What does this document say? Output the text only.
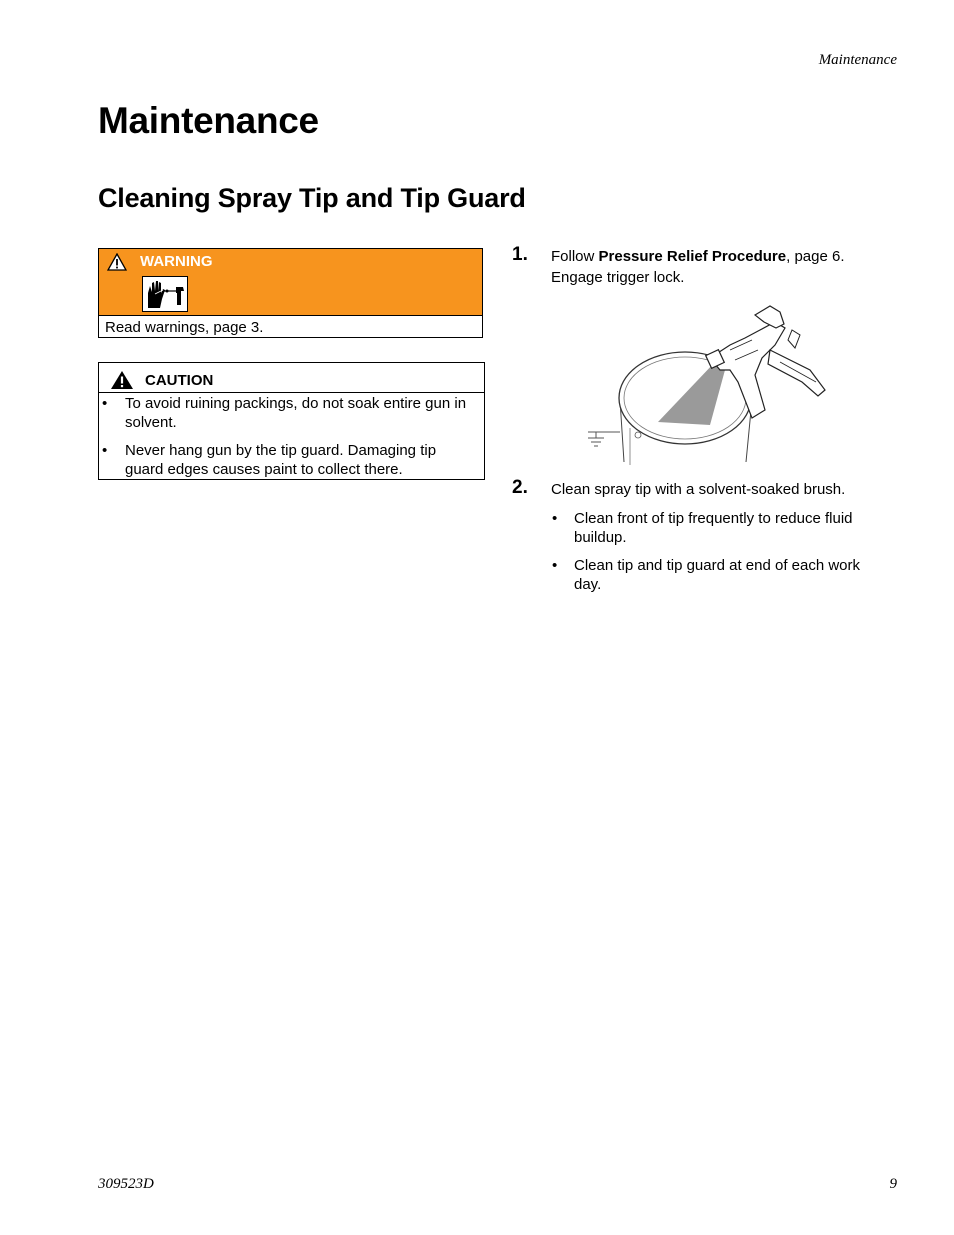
Maintenance
Maintenance
Cleaning Spray Tip and Tip Guard
WARNING
Read warnings, page 3.
CAUTION
• To avoid ruining packings, do not soak entire gun in solvent.
• Never hang gun by the tip guard. Damaging tip guard edges causes paint to collect there.
1. Follow Pressure Relief Procedure, page 6. Engage trigger lock.
2. Clean spray tip with a solvent-soaked brush.
• Clean front of tip frequently to reduce fluid buildup.
• Clean tip and tip guard at end of each work day.
309523D	9
